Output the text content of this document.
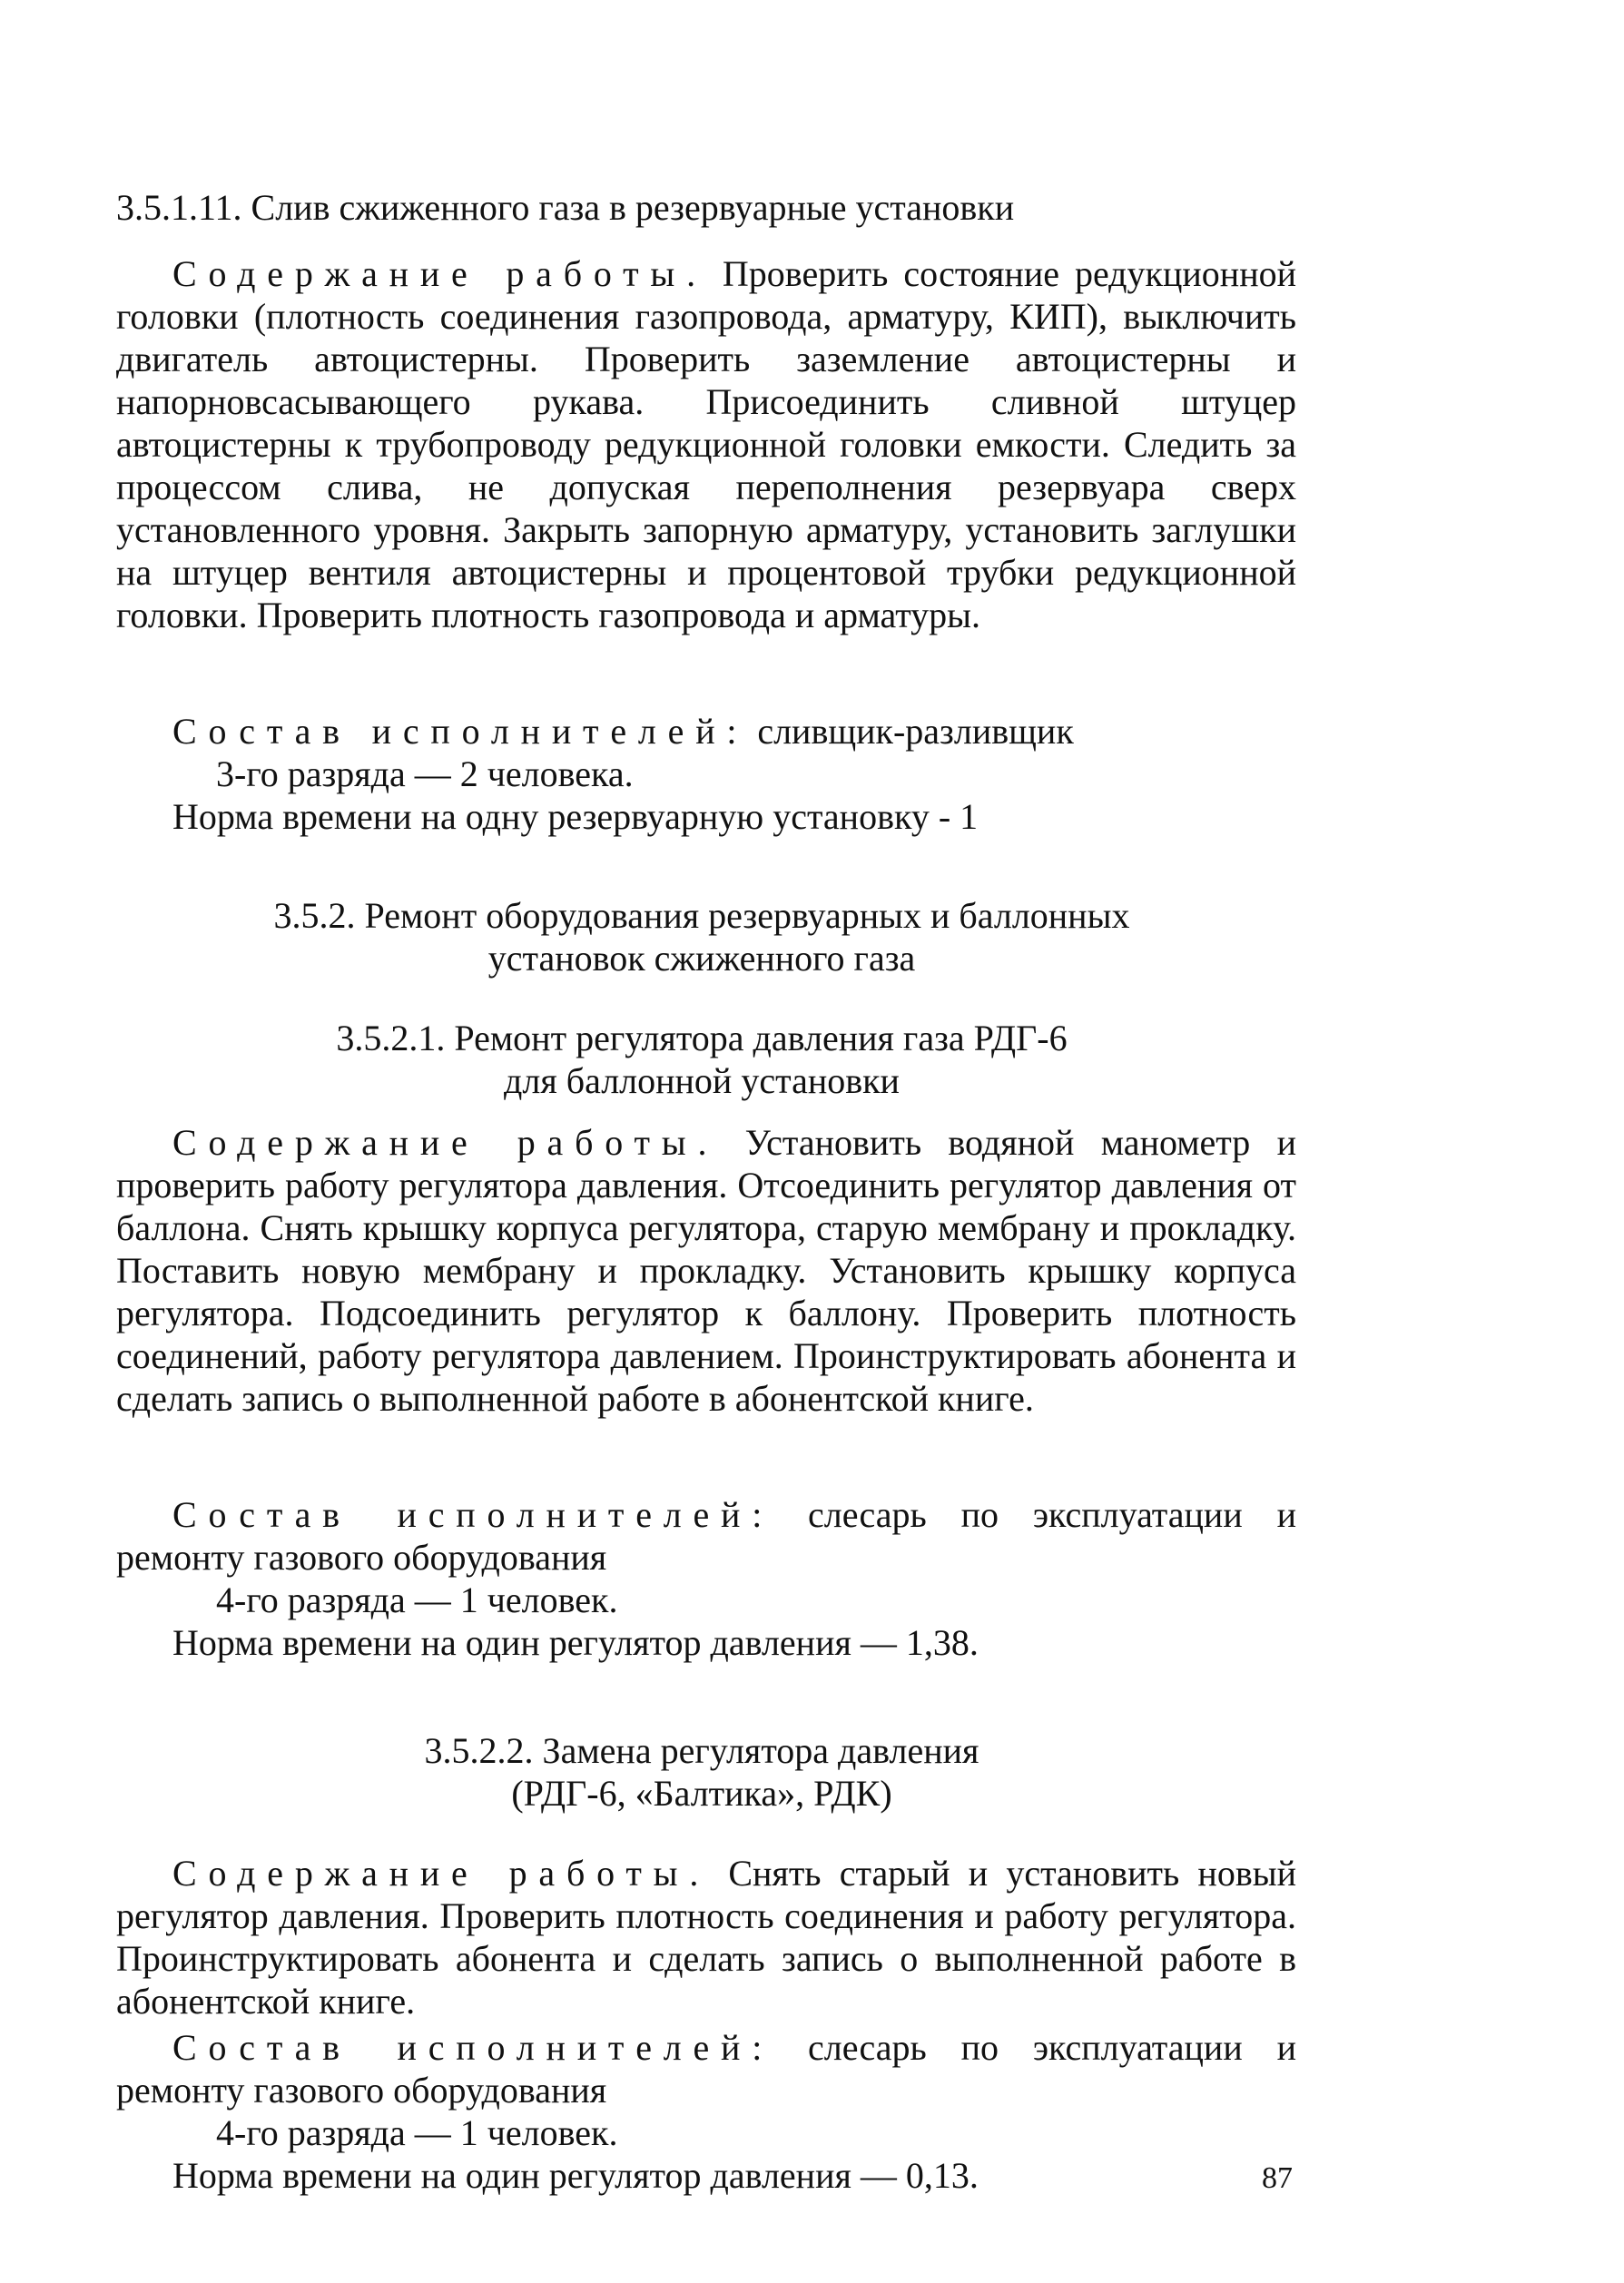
3.5.1.11. Слив сжиженного газа в резервуарные установки
Содержание работы. Проверить состояние редукционной головки (плотность соединения газопровода, арматуру, КИП), выключить двигатель автоцистерны. Проверить заземление автоцистерны и напорновсасывающего рукава. Присоединить сливной штуцер автоцистерны к трубопроводу редукционной головки емкости. Следить за процессом слива, не допуская переполнения резервуара сверх установленного уровня. Закрыть запорную арматуру, установить заглушки на штуцер вентиля автоцистерны и процентовой трубки редукционной головки. Проверить плотность газопровода и арматуры.
Состав исполнителей: сливщик-разливщик
3-го разряда — 2 человека.
Норма времени на одну резервуарную установку - 1
3.5.2. Ремонт оборудования резервуарных и баллонных
установок сжиженного газа
3.5.2.1. Ремонт регулятора давления газа РДГ-6
для баллонной установки
Содержание работы. Установить водяной манометр и проверить работу регулятора давления. Отсоединить регулятор давления от баллона. Снять крышку корпуса регулятора, старую мембрану и прокладку. Поставить новую мембрану и прокладку. Установить крышку корпуса регулятора. Подсоединить регулятор к баллону. Проверить плотность соединений, работу регулятора давлением. Проинструктировать абонента и сделать запись о выполненной работе в абонентской книге.
Состав исполнителей: слесарь по эксплуатации и ремонту газового оборудования
4-го разряда — 1 человек.
Норма времени на один регулятор давления — 1,38.
3.5.2.2. Замена регулятора давления
(РДГ-6, «Балтика», РДК)
Содержание работы. Снять старый и установить новый регулятор давления. Проверить плотность соединения и работу регулятора. Проинструктировать абонента и сделать запись о выполненной работе в абонентской книге.
Состав исполнителей: слесарь по эксплуатации и ремонту газового оборудования
4-го разряда — 1 человек.
Норма времени на один регулятор давления — 0,13.	87
